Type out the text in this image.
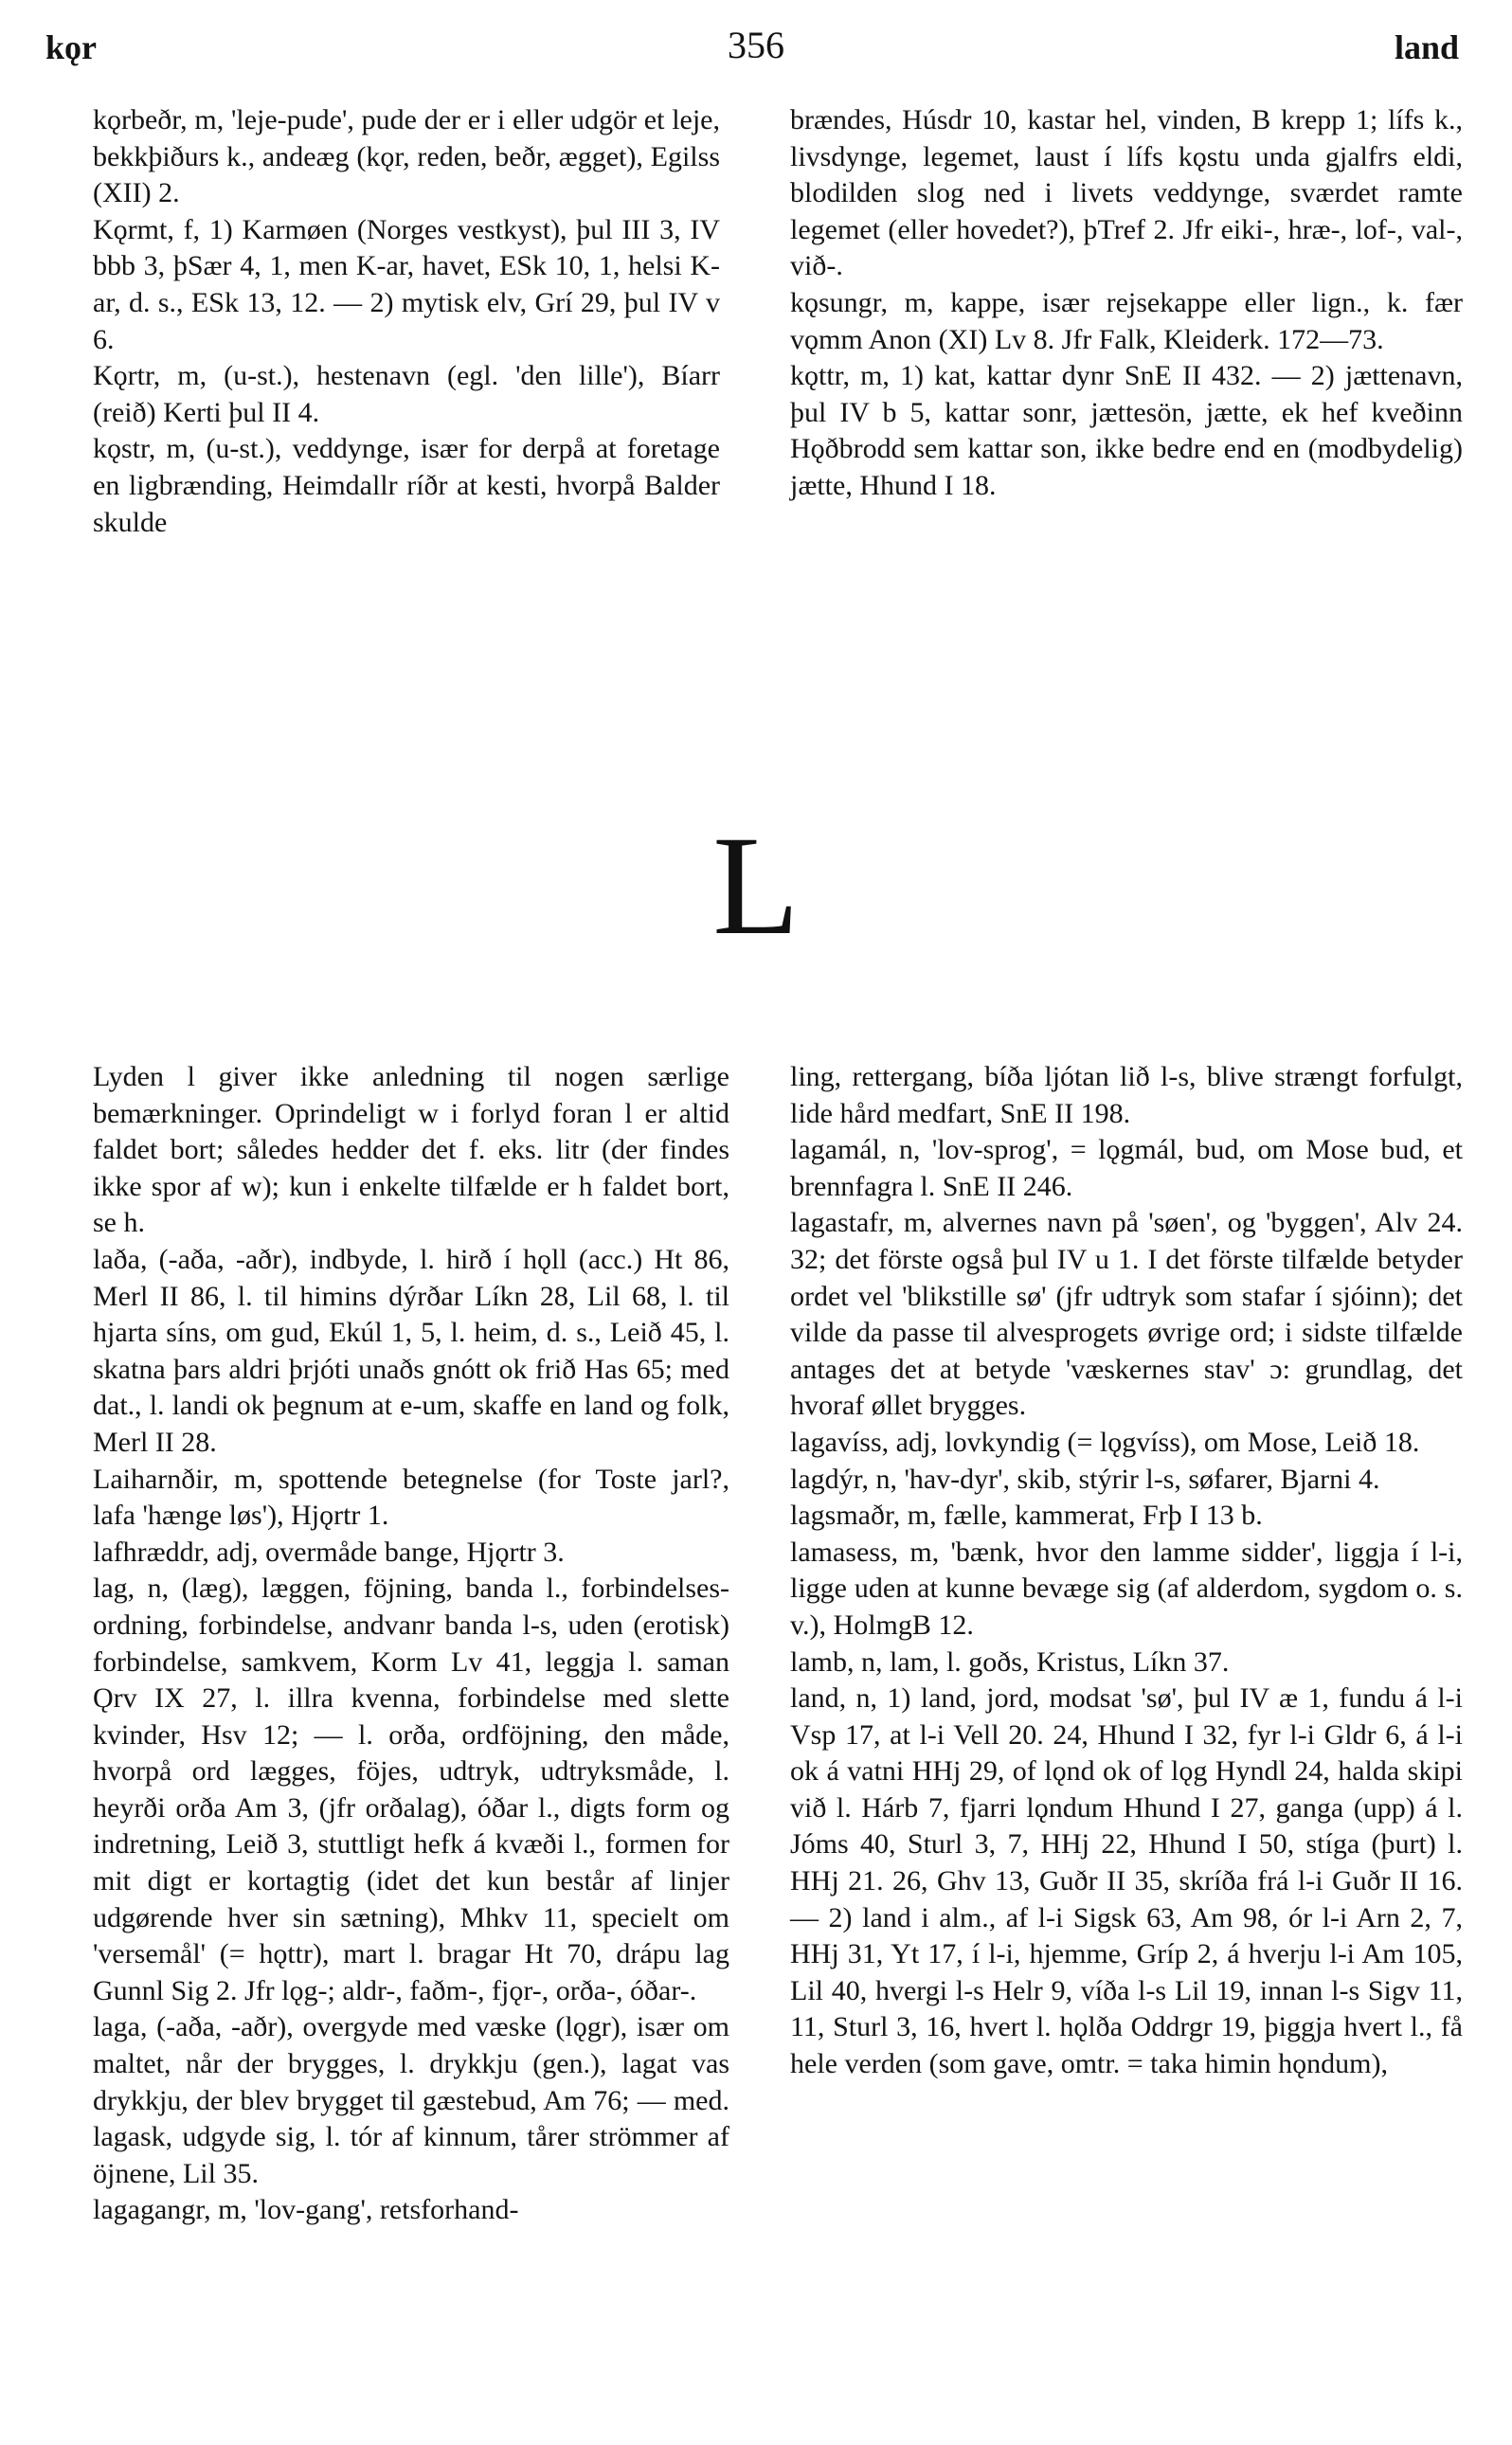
kǫr	356	land

kǫrbeðr, m, 'leje-pude', pude der er i eller udgör et leje, bekkþiðurs k., andeæg (kǫr, reden, beðr, ægget), Egilss (XII) 2.

Kǫrmt, f, 1) Karmøen (Norges vestkyst), þul III 3, IV bbb 3, þSær 4, 1, men K-ar, havet, ESk 10, 1, helsi K-ar, d. s., ESk 13, 12. — 2) mytisk elv, Grí 29, þul IV v 6.

Kǫrtr, m, (u-st.), hestenavn (egl. 'den lille'), Bíarr (reið) Kerti þul II 4.

kǫstr, m, (u-st.), veddynge, især for derpå at foretage en ligbrænding, Heimdallr ríðr at kesti, hvorpå Balder skulde

brændes, Húsdr 10, kastar hel, vinden, B krepp 1; lífs k., livsdynge, legemet, laust í lífs kǫstu unda gjalfrs eldi, blodilden slog ned i livets veddynge, sværdet ramte legemet (eller hovedet?), þTref 2. Jfr eiki-, hræ-, lof-, val-, við-.

kǫsungr, m, kappe, især rejsekappe eller lign., k. fær vǫmm Anon (XI) Lv 8. Jfr Falk, Kleiderk. 172—73.

kǫttr, m, 1) kat, kattar dynr SnE II 432. — 2) jættenavn, þul IV b 5, kattar sonr, jættesön, jætte, ek hef kveðinn Hǫðbrodd sem kattar son, ikke bedre end en (modbydelig) jætte, Hhund I 18.

L

Lyden l giver ikke anledning til nogen særlige bemærkninger. Oprindeligt w i forlyd foran l er altid faldet bort; således hedder det f. eks. litr (der findes ikke spor af w); kun i enkelte tilfælde er h faldet bort, se h.

laða, (-aða, -aðr), indbyde, l. hirð í hǫll (acc.) Ht 86, Merl II 86, l. til himins dýrðar Líkn 28, Lil 68, l. til hjarta síns, om gud, Ekúl 1, 5, l. heim, d. s., Leið 45, l. skatna þars aldri þrjóti unaðs gnótt ok frið Has 65; med dat., l. landi ok þegnum at e-um, skaffe en land og folk, Merl II 28.

Laiharnðir, m, spottende betegnelse (for Toste jarl?, lafa 'hænge løs'), Hjǫrtr 1.

lafhræddr, adj, overmåde bange, Hjǫrtr 3.

lag, n, (læg), læggen, föjning, banda l., forbindelses-ordning, forbindelse, andvanr banda l-s, uden (erotisk) forbindelse, samkvem, Korm Lv 41, leggja l. saman Ǫrv IX 27, l. illra kvenna, forbindelse med slette kvinder, Hsv 12; — l. orða, ordföjning, den måde, hvorpå ord lægges, föjes, udtryk, udtryksmåde, l. heyrði orða Am 3, (jfr orðalag), óðar l., digts form og indretning, Leið 3, stuttligt hefk á kvæði l., formen for mit digt er kortagtig (idet det kun består af linjer udgørende hver sin sætning), Mhkv 11, specielt om 'versemål' (= hǫttr), mart l. bragar Ht 70, drápu lag Gunnl Sig 2. Jfr lǫg-; aldr-, faðm-, fjǫr-, orða-, óðar-.

laga, (-aða, -aðr), overgyde med væske (lǫgr), især om maltet, når der brygges, l. drykkju (gen.), lagat vas drykkju, der blev brygget til gæstebud, Am 76; — med. lagask, udgyde sig, l. tór af kinnum, tårer strömmer af öjnene, Lil 35.

lagagangr, m, 'lov-gang', retsforhand-

ling, rettergang, bíða ljótan lið l-s, blive strængt forfulgt, lide hård medfart, SnE II 198.

lagamál, n, 'lov-sprog', = lǫgmál, bud, om Mose bud, et brennfagra l. SnE II 246.

lagastafr, m, alvernes navn på 'søen', og 'byggen', Alv 24. 32; det förste også þul IV u 1. I det förste tilfælde betyder ordet vel 'blikstille sø' (jfr udtryk som stafar í sjóinn); det vilde da passe til alvesprogets øvrige ord; i sidste tilfælde antages det at betyde 'væskernes stav' ɔ: grundlag, det hvoraf øllet brygges.

lagavíss, adj, lovkyndig (= lǫgvíss), om Mose, Leið 18.

lagdýr, n, 'hav-dyr', skib, stýrir l-s, søfarer, Bjarni 4.

lagsmaðr, m, fælle, kammerat, Frþ I 13 b.

lamasess, m, 'bænk, hvor den lamme sidder', liggja í l-i, ligge uden at kunne bevæge sig (af alderdom, sygdom o. s. v.), HolmgB 12.

lamb, n, lam, l. goðs, Kristus, Líkn 37.

land, n, 1) land, jord, modsat 'sø', þul IV æ 1, fundu á l-i Vsp 17, at l-i Vell 20. 24, Hhund I 32, fyr l-i Gldr 6, á l-i ok á vatni HHj 29, of lǫnd ok of lǫg Hyndl 24, halda skipi við l. Hárb 7, fjarri lǫndum Hhund I 27, ganga (upp) á l. Jóms 40, Sturl 3, 7, HHj 22, Hhund I 50, stíga (þurt) l. HHj 21. 26, Ghv 13, Guðr II 35, skríða frá l-i Guðr II 16. — 2) land i alm., af l-i Sigsk 63, Am 98, ór l-i Arn 2, 7, HHj 31, Yt 17, í l-i, hjemme, Gríp 2, á hverju l-i Am 105, Lil 40, hvergi l-s Helr 9, víða l-s Lil 19, innan l-s Sigv 11, 11, Sturl 3, 16, hvert l. hǫlða Oddrgr 19, þiggja hvert l., få hele verden (som gave, omtr. = taka himin hǫndum),
